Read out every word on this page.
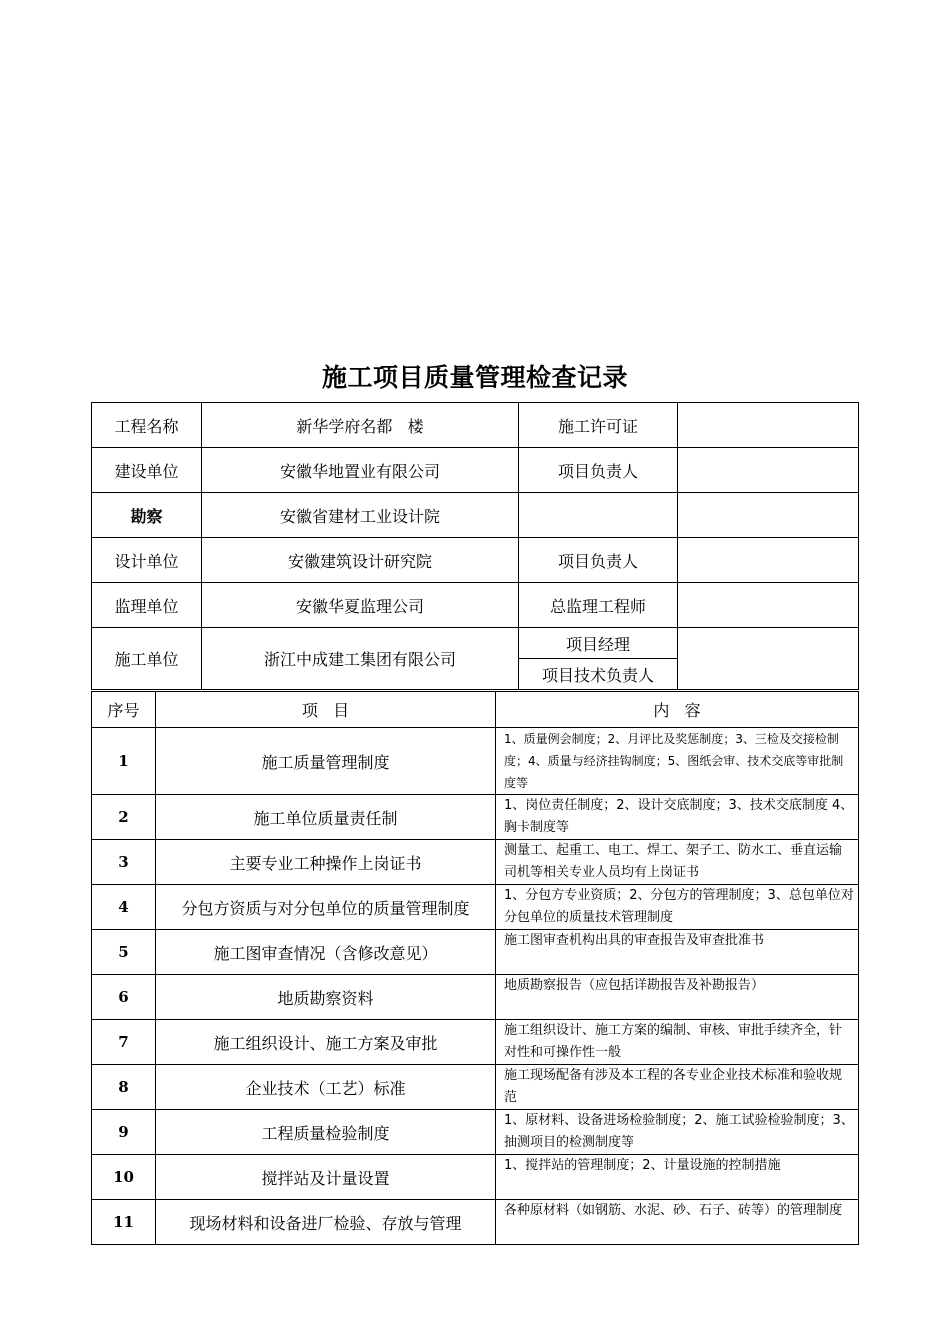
施工项目质量管理检查记录
工程名称	新华学府名都   楼	施工许可证	
建设单位	安徽华地置业有限公司	项目负责人	
勘察	安徽省建材工业设计院		
设计单位	安徽建筑设计研究院	项目负责人	
监理单位	安徽华夏监理公司	总监理工程师	
施工单位	浙江中成建工集团有限公司	项目经理	
		项目技术负责人	
序号	项   目	内   容
1	施工质量管理制度	1、质量例会制度；2、月评比及奖惩制度；3、三检及交接检制度；4、质量与经济挂钩制度；5、图纸会审、技术交底等审批制度等
2	施工单位质量责任制	1、岗位责任制度；2、设计交底制度；3、技术交底制度 4、胸卡制度等
3	主要专业工种操作上岗证书	测量工、起重工、电工、焊工、架子工、防水工、垂直运输司机等相关专业人员均有上岗证书
4	分包方资质与对分包单位的质量管理制度	1、分包方专业资质；2、分包方的管理制度；3、总包单位对分包单位的质量技术管理制度
5	施工图审查情况（含修改意见）	施工图审查机构出具的审查报告及审查批准书
6	地质勘察资料	地质勘察报告（应包括详勘报告及补勘报告）
7	施工组织设计、施工方案及审批	施工组织设计、施工方案的编制、审核、审批手续齐全，针对性和可操作性一般
8	企业技术（工艺）标准	施工现场配备有涉及本工程的各专业企业技术标准和验收规范
9	工程质量检验制度	1、原材料、设备进场检验制度；2、施工试验检验制度；3、抽测项目的检测制度等
10	搅拌站及计量设置	1、搅拌站的管理制度；2、计量设施的控制措施
11	现场材料和设备进厂检验、存放与管理	各种原材料（如钢筋、水泥、砂、石子、砖等）的管理制度
